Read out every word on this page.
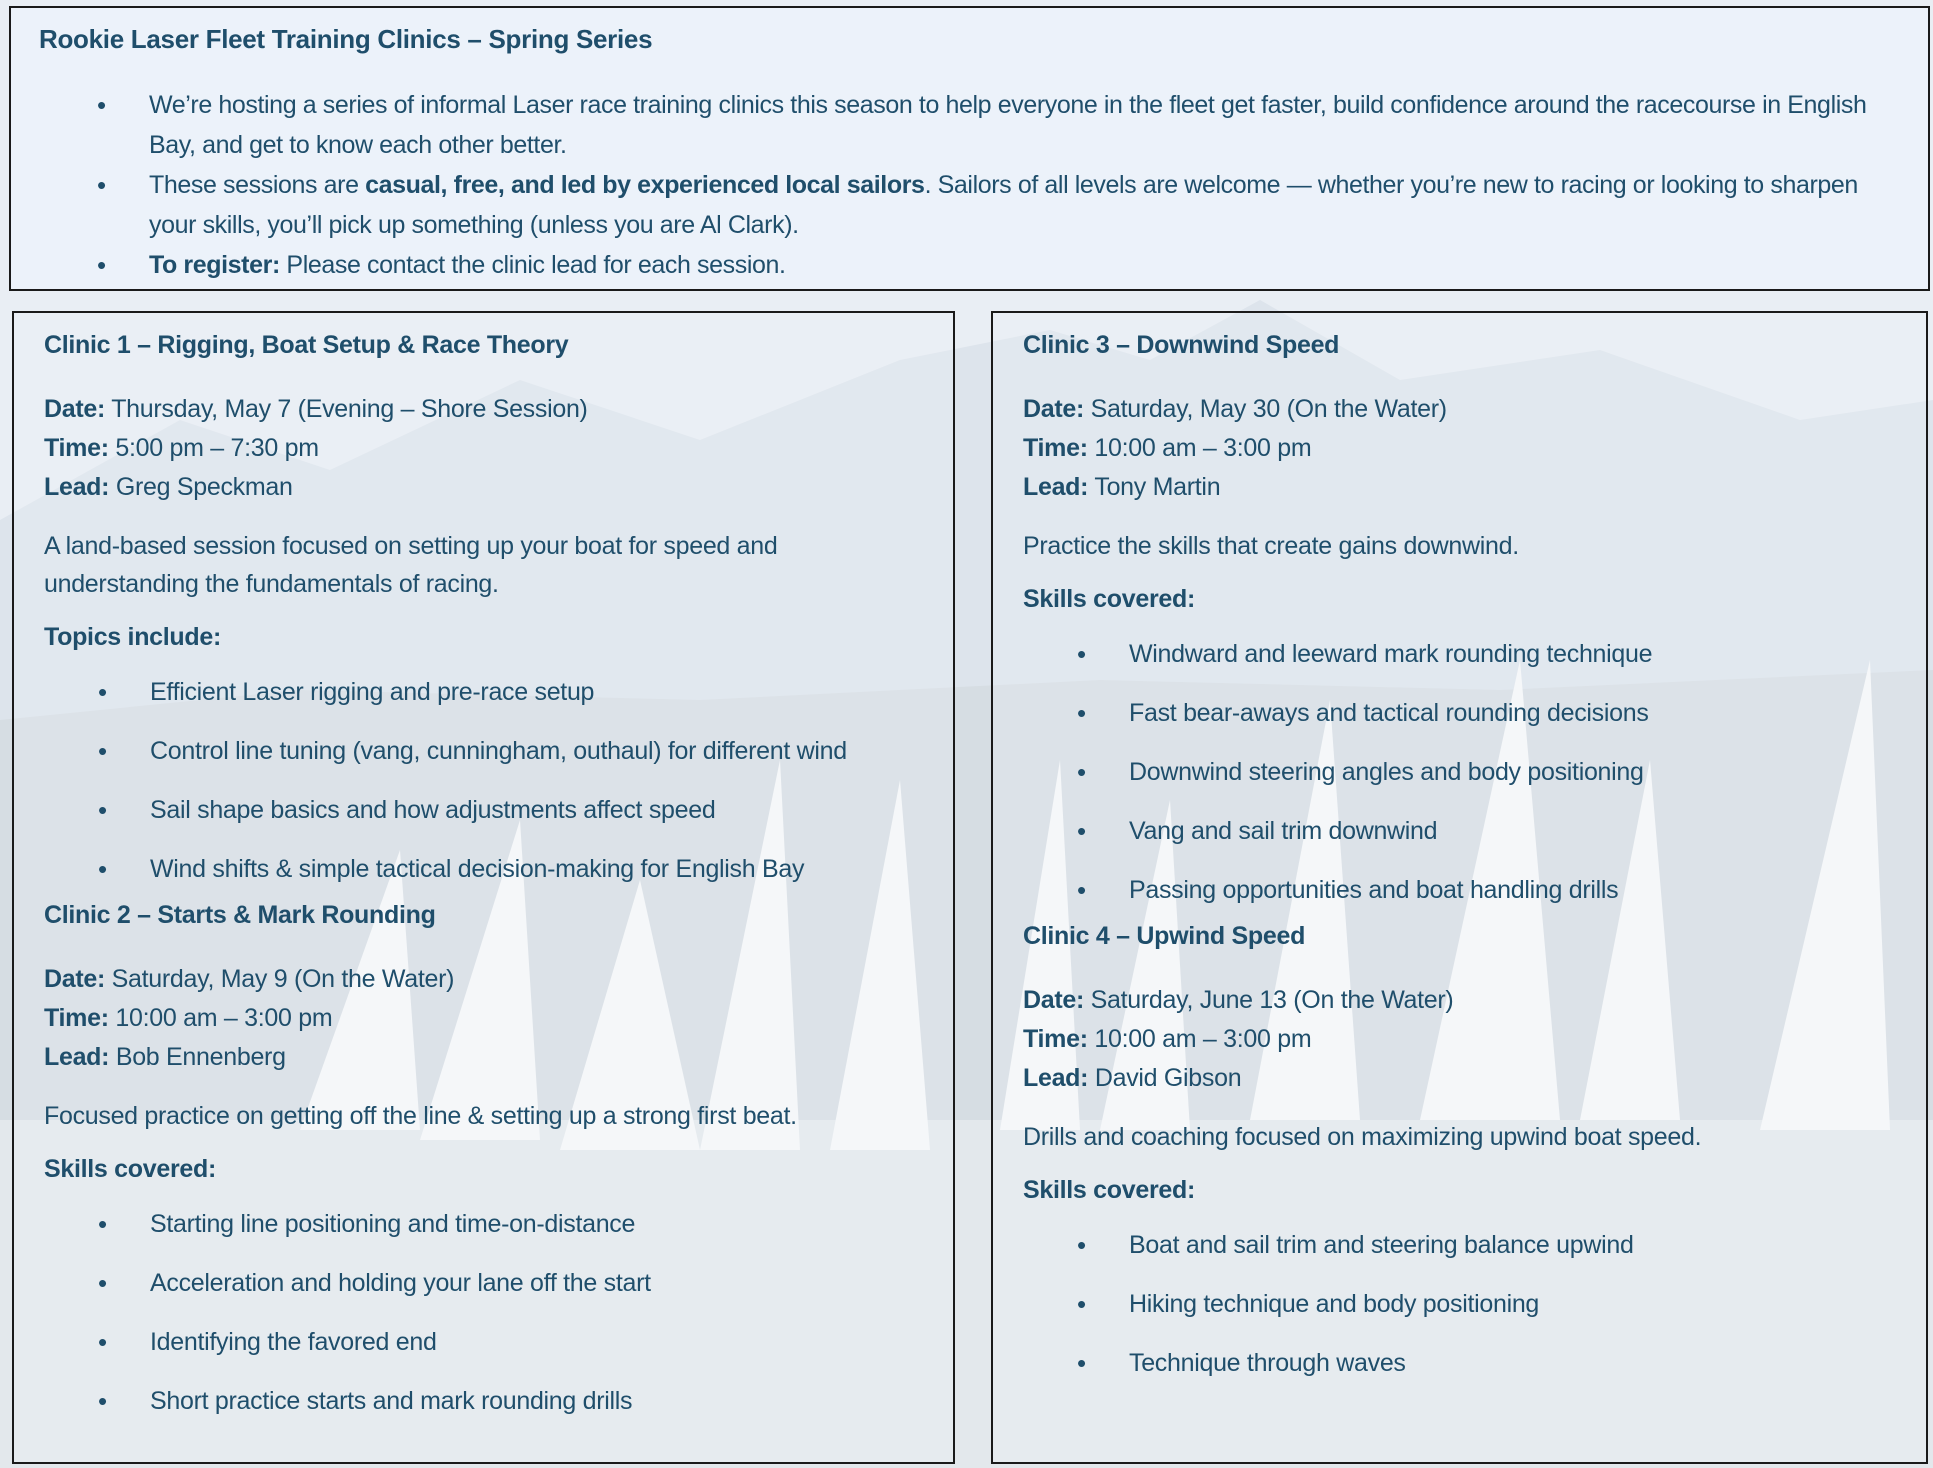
Rookie Laser Fleet Training Clinics – Spring Series
• We’re hosting a series of informal Laser race training clinics this season to help everyone in the fleet get faster, build confidence around the racecourse in English Bay, and get to know each other better.
• These sessions are casual, free, and led by experienced local sailors. Sailors of all levels are welcome — whether you’re new to racing or looking to sharpen your skills, you’ll pick up something (unless you are Al Clark).
• To register: Please contact the clinic lead for each session.
Clinic 1 – Rigging, Boat Setup & Race Theory
Date: Thursday, May 7 (Evening – Shore Session)
Time: 5:00 pm – 7:30 pm
Lead: Greg Speckman

A land-based session focused on setting up your boat for speed and understanding the fundamentals of racing.

Topics include:
• Efficient Laser rigging and pre-race setup
• Control line tuning (vang, cunningham, outhaul) for different wind
• Sail shape basics and how adjustments affect speed
• Wind shifts & simple tactical decision-making for English Bay
Clinic 2 – Starts & Mark Rounding
Date: Saturday, May 9 (On the Water)
Time: 10:00 am – 3:00 pm
Lead: Bob Ennenberg

Focused practice on getting off the line & setting up a strong first beat.

Skills covered:
• Starting line positioning and time-on-distance
• Acceleration and holding your lane off the start
• Identifying the favored end
• Short practice starts and mark rounding drills
Clinic 3 – Downwind Speed
Date: Saturday, May 30 (On the Water)
Time: 10:00 am – 3:00 pm
Lead: Tony Martin

Practice the skills that create gains downwind.

Skills covered:
• Windward and leeward mark rounding technique
• Fast bear-aways and tactical rounding decisions
• Downwind steering angles and body positioning
• Vang and sail trim downwind
• Passing opportunities and boat handling drills
Clinic 4 – Upwind Speed
Date: Saturday, June 13 (On the Water)
Time: 10:00 am – 3:00 pm
Lead: David Gibson

Drills and coaching focused on maximizing upwind boat speed.

Skills covered:
• Boat and sail trim and steering balance upwind
• Hiking technique and body positioning
• Technique through waves
